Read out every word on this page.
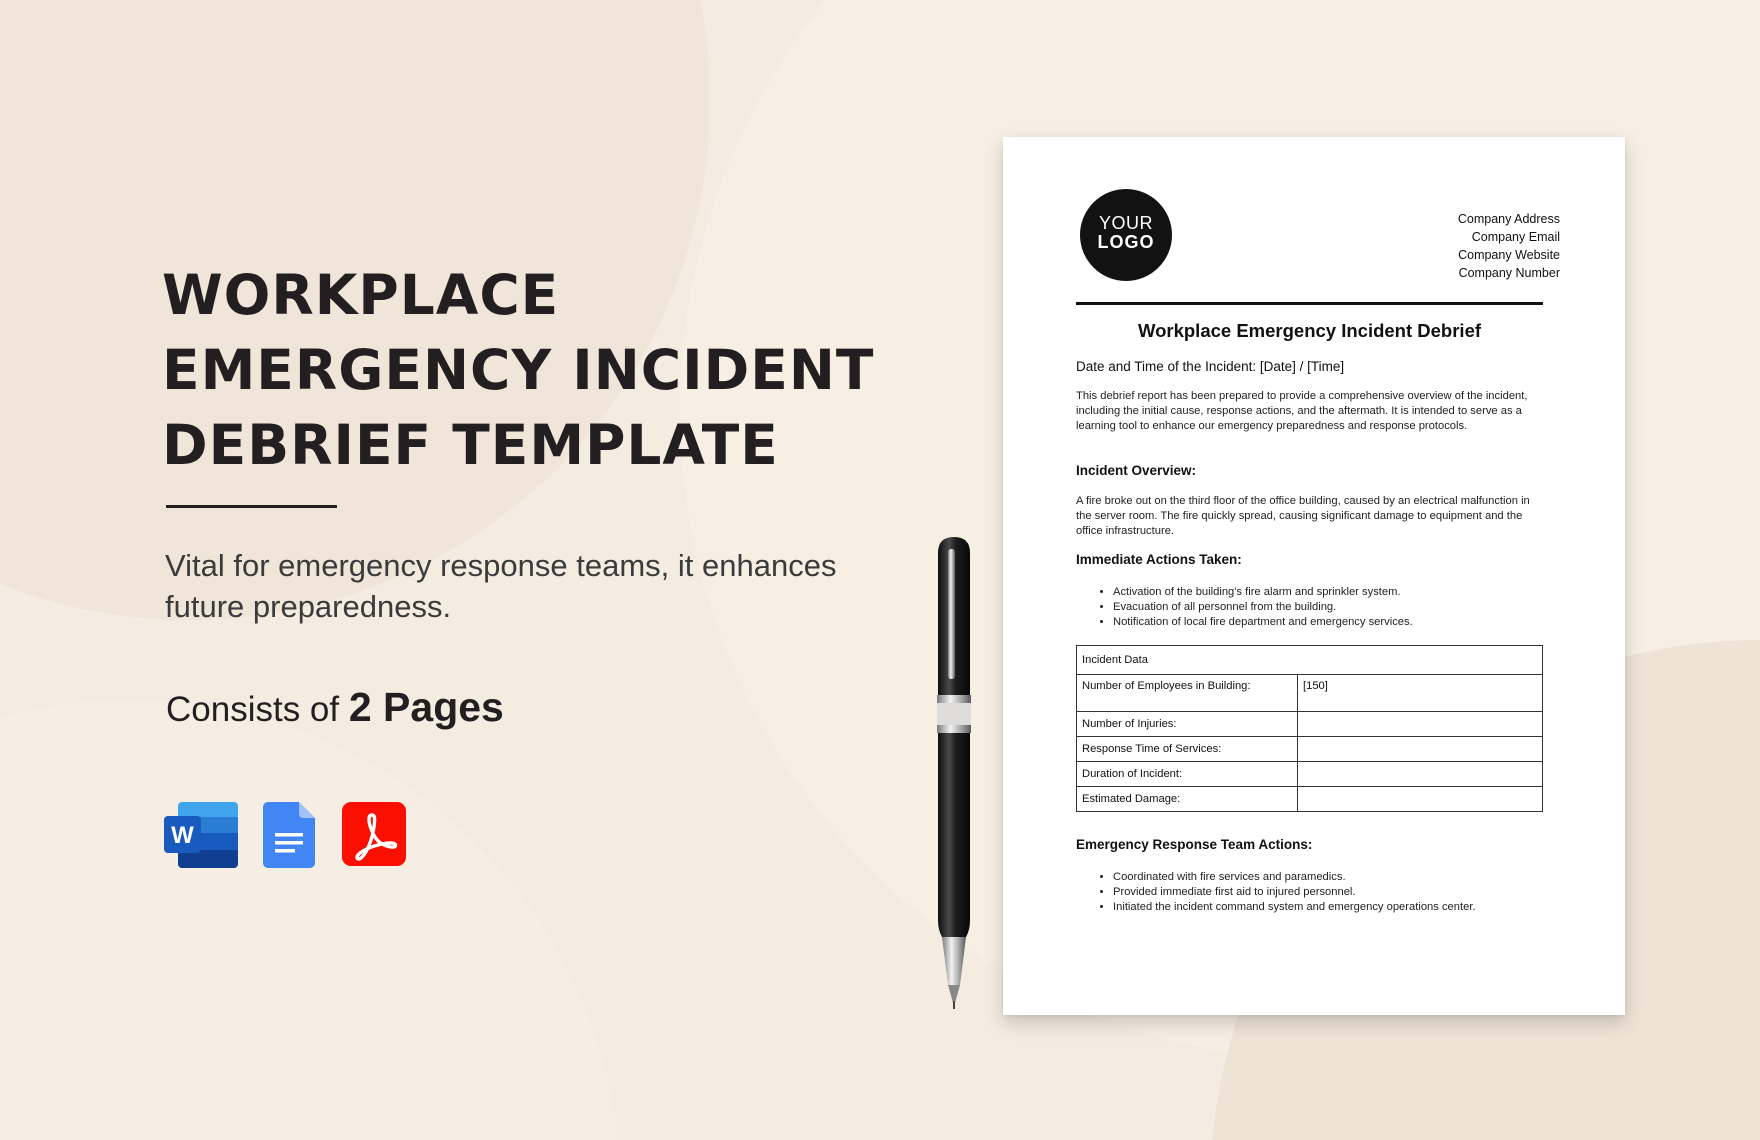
WORKPLACE EMERGENCY INCIDENT DEBRIEF TEMPLATE

Vital for emergency response teams, it enhances future preparedness.

Consists of 2 Pages

W
YOUR
LOGO
Company Address
Company Email
Company Website
Company Number
Workplace Emergency Incident Debrief
Date and Time of the Incident: [Date] / [Time]

This debrief report has been prepared to provide a comprehensive overview of the incident, including the initial cause, response actions, and the aftermath. It is intended to serve as a learning tool to enhance our emergency preparedness and response protocols.

Incident Overview:

A fire broke out on the third floor of the office building, caused by an electrical malfunction in the server room. The fire quickly spread, causing significant damage to equipment and the office infrastructure.

Immediate Actions Taken:
• Activation of the building's fire alarm and sprinkler system.
• Evacuation of all personnel from the building.
• Notification of local fire department and emergency services.
Incident Data	
Number of Employees in Building:	[150]
Number of Injuries:	
Response Time of Services:	
Duration of Incident:	
Estimated Damage:	
Emergency Response Team Actions:
• Coordinated with fire services and paramedics.
• Provided immediate first aid to injured personnel.
• Initiated the incident command system and emergency operations center.
